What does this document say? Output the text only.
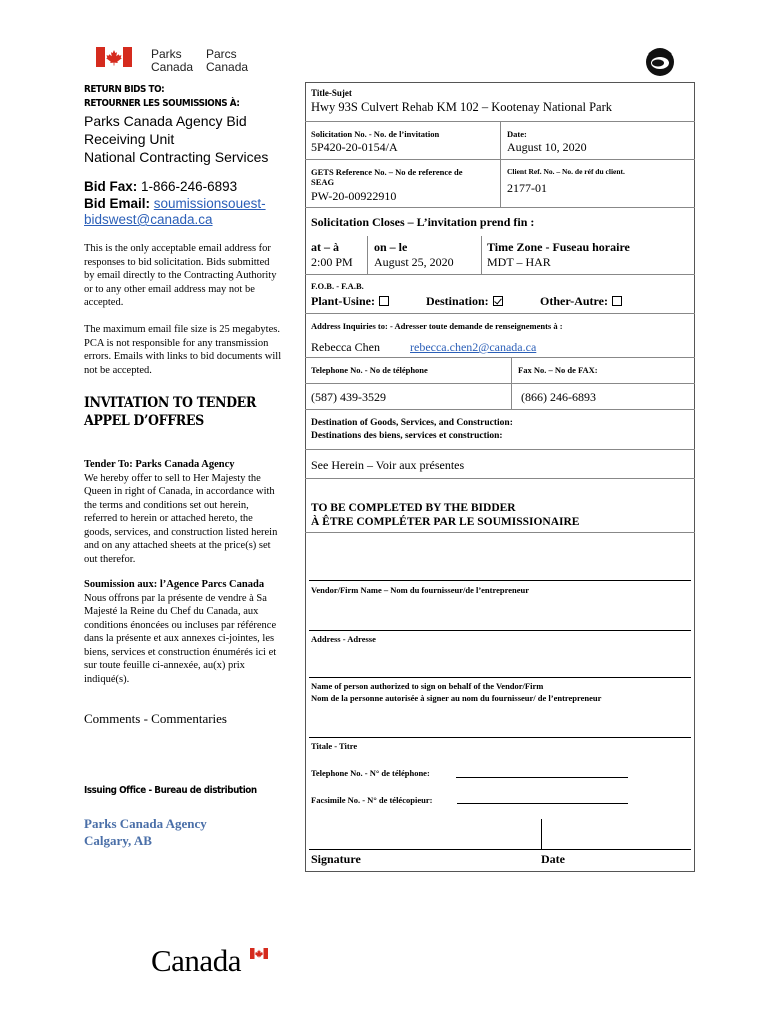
Parks
Canada
Parcs
Canada
RETURN BIDS TO:
RETOURNER LES SOUMISSIONS À:
Parks Canada Agency Bid
Receiving Unit
National Contracting Services
Bid Fax: 1-866-246-6893
Bid Email: soumissionsouest-
bidswest@canada.ca
This is the only acceptable email address for
responses to bid solicitation. Bids submitted
by email directly to the Contracting Authority
or to any other email address may not be
accepted.
The maximum email file size is 25 megabytes.
PCA is not responsible for any transmission
errors. Emails with links to bid documents will
not be accepted.
INVITATION TO TENDER
APPEL D’OFFRES
Tender To: Parks Canada Agency
We hereby offer to sell to Her Majesty the
Queen in right of Canada, in accordance with
the terms and conditions set out herein,
referred to herein or attached hereto, the
goods, services, and construction listed herein
and on any attached sheets at the price(s) set
out therefor.
Soumission aux: l’Agence Parcs Canada
Nous offrons par la présente de vendre à Sa
Majesté la Reine du Chef du Canada, aux
conditions énoncées ou incluses par référence
dans la présente et aux annexes ci-jointes, les
biens, services et construction énumérés ici et
sur toute feuille ci-annexée, au(x) prix
indiqué(s).
Comments - Commentaries
Issuing Office - Bureau de distribution
Parks Canada Agency
Calgary, AB
Title-Sujet
Hwy 93S Culvert Rehab KM 102 – Kootenay National Park
Solicitation No. - No. de l’invitation
5P420-20-0154/A
Date:
August 10, 2020
GETS Reference No. – No de reference de
SEAG
PW-20-00922910
Client Ref. No. – No. de réf du client.
2177-01
Solicitation Closes – L’invitation prend fin :
at – à
2:00 PM
on – le
August 25, 2020
Time Zone - Fuseau horaire
MDT – HAR
F.O.B. - F.A.B.
Plant-Usine:	Destination:	Other-Autre:
Address Inquiries to: - Adresser toute demande de renseignements à :
Rebecca Chen	rebecca.chen2@canada.ca
Telephone No. - No de téléphone	Fax No. – No de FAX:
(587) 439-3529	(866) 246-6893
Destination of Goods, Services, and Construction:
Destinations des biens, services et construction:
See Herein – Voir aux présentes
TO BE COMPLETED BY THE BIDDER
À ÊTRE COMPLÉTER PAR LE SOUMISSIONAIRE
Vendor/Firm Name – Nom du fournisseur/de l’entrepreneur
Address - Adresse
Name of person authorized to sign on behalf of the Vendor/Firm
Nom de la personne autorisée à signer au nom du fournisseur/ de l’entrepreneur
Titale - Titre
Telephone No. - N° de téléphone:
Facsimile No. - N° de télécopieur:
Signature	Date
Canada
